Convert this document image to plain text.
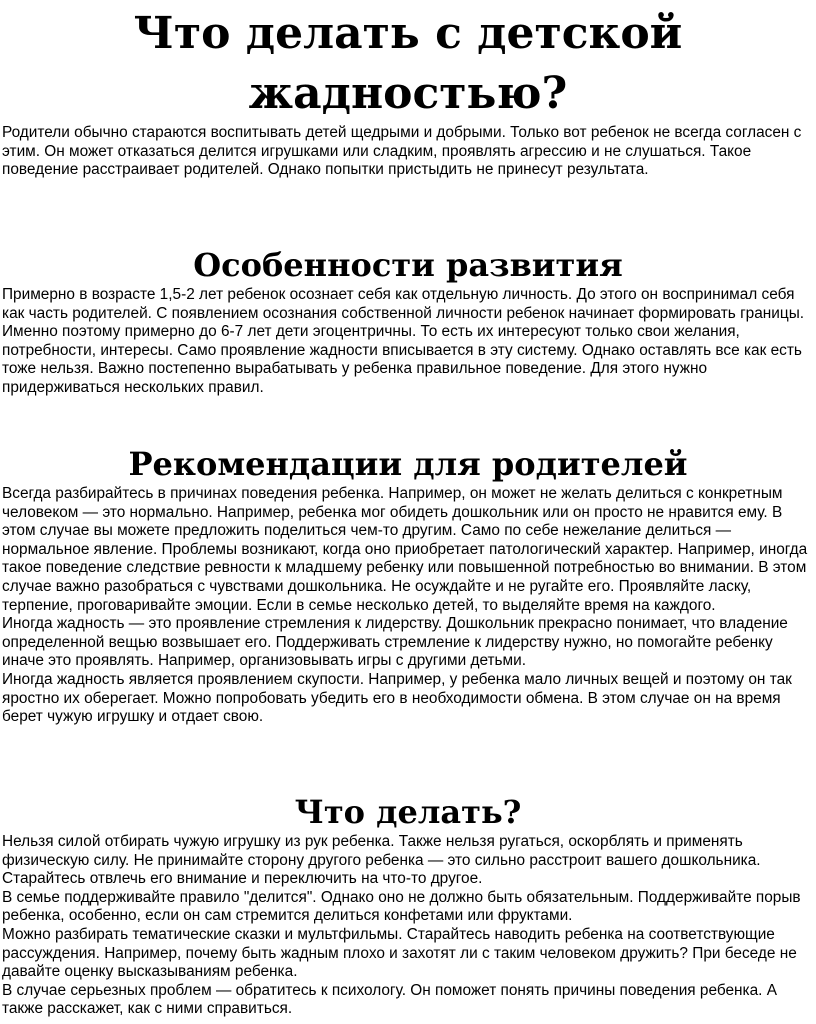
Что делать с детской жадностью?

Родители обычно стараются воспитывать детей щедрыми и добрыми. Только вот ребенок не всегда согласен с этим. Он может отказаться делится игрушками или сладким, проявлять агрессию и не слушаться. Такое поведение расстраивает родителей. Однако попытки пристыдить не принесут результата.

Особенности развития

Примерно в возрасте 1,5-2 лет ребенок осознает себя как отдельную личность. До этого он воспринимал себя как часть родителей. С появлением осознания собственной личности ребенок начинает формировать границы. Именно поэтому примерно до 6-7 лет дети эгоцентричны. То есть их интересуют только свои желания, потребности, интересы. Само проявление жадности вписывается в эту систему. Однако оставлять все как есть тоже нельзя. Важно постепенно вырабатывать у ребенка правильное поведение. Для этого нужно придерживаться нескольких правил.

Рекомендации для родителей

Всегда разбирайтесь в причинах поведения ребенка. Например, он может не желать делиться с конкретным человеком — это нормально. Например, ребенка мог обидеть дошкольник или он просто не нравится ему. В этом случае вы можете предложить поделиться чем-то другим. Само по себе нежелание делиться — нормальное явление. Проблемы возникают, когда оно приобретает патологический характер. Например, иногда такое поведение следствие ревности к младшему ребенку или повышенной потребностью во внимании. В этом случае важно разобраться с чувствами дошкольника. Не осуждайте и не ругайте его. Проявляйте ласку, терпение, проговаривайте эмоции. Если в семье несколько детей, то выделяйте время на каждого.

Иногда жадность — это проявление стремления к лидерству. Дошкольник прекрасно понимает, что владение определенной вещью возвышает его. Поддерживать стремление к лидерству нужно, но помогайте ребенку иначе это проявлять. Например, организовывать игры с другими детьми.

Иногда жадность является проявлением скупости. Например, у ребенка мало личных вещей и поэтому он так яростно их оберегает. Можно попробовать убедить его в необходимости обмена. В этом случае он на время берет чужую игрушку и отдает свою.

Что делать?

Нельзя силой отбирать чужую игрушку из рук ребенка. Также нельзя ругаться, оскорблять и применять физическую силу. Не принимайте сторону другого ребенка — это сильно расстроит вашего дошкольника. Старайтесь отвлечь его внимание и переключить на что-то другое.

В семье поддерживайте правило "делится". Однако оно не должно быть обязательным. Поддерживайте порыв ребенка, особенно, если он сам стремится делиться конфетами или фруктами.

Можно разбирать тематические сказки и мультфильмы. Старайтесь наводить ребенка на соответствующие рассуждения. Например, почему быть жадным плохо и захотят ли с таким человеком дружить? При беседе не давайте оценку высказываниям ребенка.

В случае серьезных проблем — обратитесь к психологу. Он поможет понять причины поведения ребенка. А также расскажет, как с ними справиться.
